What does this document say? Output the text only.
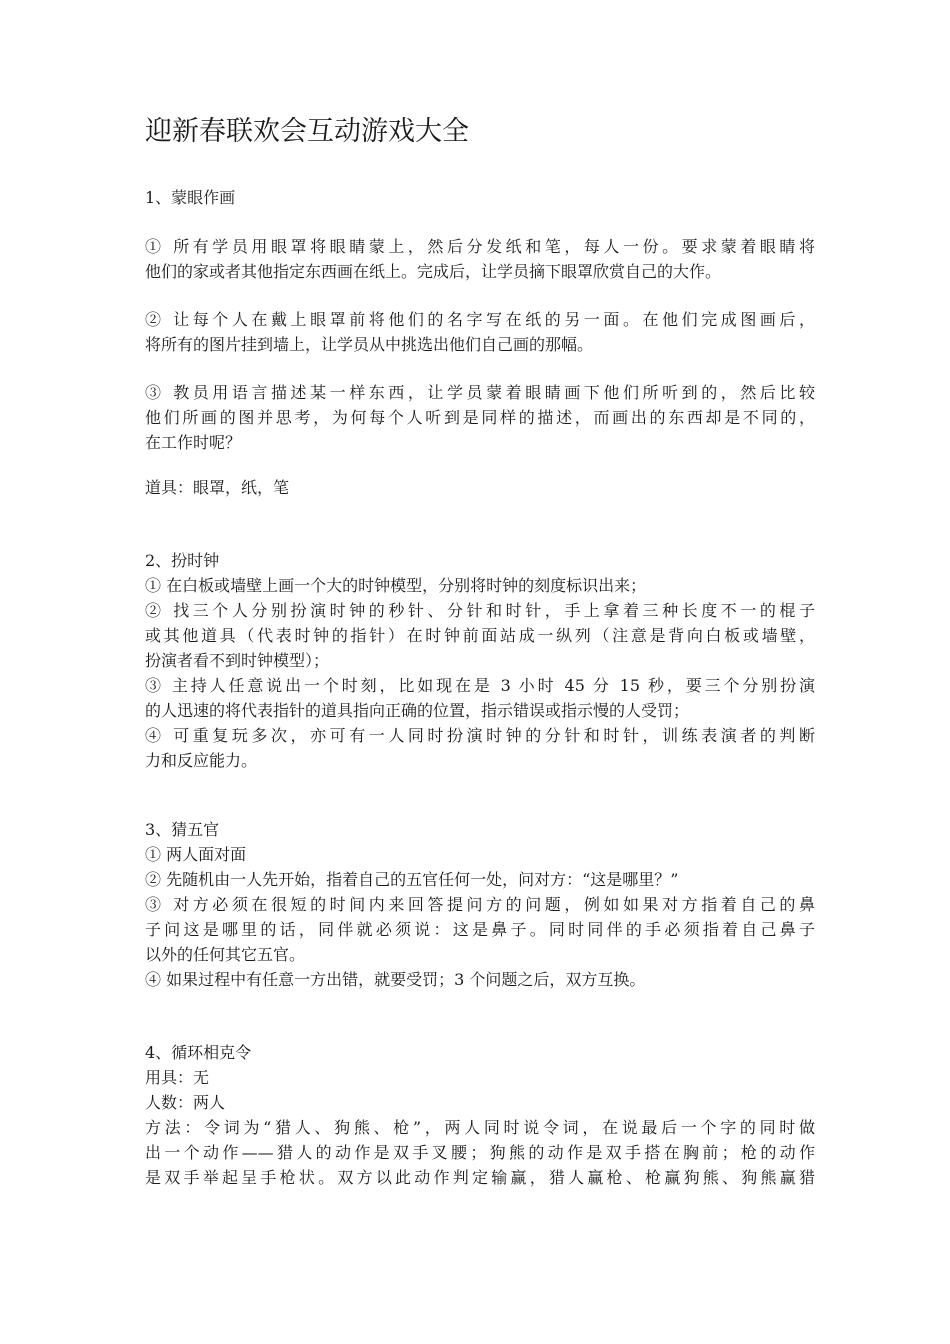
迎新春联欢会互动游戏大全
1、蒙眼作画
① 所有学员用眼罩将眼睛蒙上，然后分发纸和笔，每人一份。要求蒙着眼睛将
他们的家或者其他指定东西画在纸上。完成后，让学员摘下眼罩欣赏自己的大作。
② 让每个人在戴上眼罩前将他们的名字写在纸的另一面。在他们完成图画后，
将所有的图片挂到墙上，让学员从中挑选出他们自己画的那幅。
③ 教员用语言描述某一样东西，让学员蒙着眼睛画下他们所听到的，然后比较
他们所画的图并思考，为何每个人听到是同样的描述，而画出的东西却是不同的，
在工作时呢？
道具：眼罩，纸，笔
2、扮时钟
① 在白板或墙壁上画一个大的时钟模型，分别将时钟的刻度标识出来；
② 找三个人分别扮演时钟的秒针、分针和时针，手上拿着三种长度不一的棍子
或其他道具（代表时钟的指针）在时钟前面站成一纵列（注意是背向白板或墙壁，
扮演者看不到时钟模型）；
③ 主持人任意说出一个时刻，比如现在是 3 小时 45 分 15 秒，要三个分别扮演
的人迅速的将代表指针的道具指向正确的位置，指示错误或指示慢的人受罚；
④ 可重复玩多次，亦可有一人同时扮演时钟的分针和时针，训练表演者的判断
力和反应能力。
3、猜五官
① 两人面对面
② 先随机由一人先开始，指着自己的五官任何一处，问对方：“这是哪里？”
③ 对方必须在很短的时间内来回答提问方的问题，例如如果对方指着自己的鼻
子问这是哪里的话，同伴就必须说：这是鼻子。同时同伴的手必须指着自己鼻子
以外的任何其它五官。
④ 如果过程中有任意一方出错，就要受罚；3 个问题之后，双方互换。
4、循环相克令
用具：无
人数：两人
方法：令词为“猎人、狗熊、枪”，两人同时说令词，在说最后一个字的同时做
出一个动作——猎人的动作是双手叉腰；狗熊的动作是双手搭在胸前；枪的动作
是双手举起呈手枪状。双方以此动作判定输赢，猎人赢枪、枪赢狗熊、狗熊赢猎
